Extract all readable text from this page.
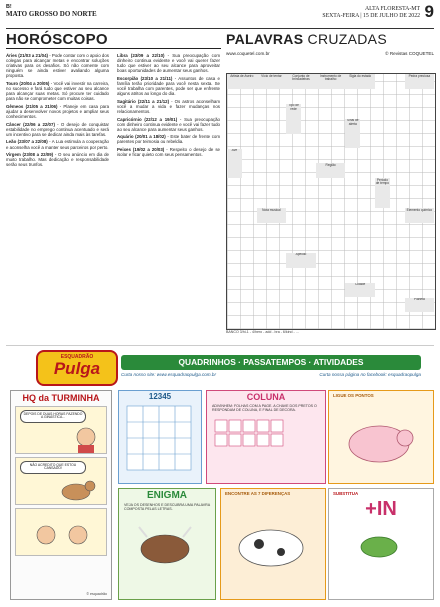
B!
MATO GROSSO DO NORTE
ALTA FLORESTA-MT
SEXTA-FEIRA | 15 DE JULHO DE 2022 9
HORÓSCOPO

Áries (21/03 a 21/04) - Pode contar com o apoio dos colegas para alcançar metas e encontrar soluções criativas para os desafios. Só não comente com ninguém se ainda estiver avaliando alguma proposta.

Touro (20/04 a 20/05) - Você vai investir na carreira, no sucesso e fará tudo que estiver ao seu alcance para alcançar suas metas. Só procure ter cuidado para não se comprometer com muitas coisas.

Gêmeos (21/05 a 21/06) - Planeje em casa para ajudar a desenvolver novos projetos e ampliar seus conhecimentos.

Câncer (22/06 a 22/07) - O desejo de conquistar estabilidade no emprego continua acentuado e será um incentivo para se dedicar ainda mais às tarefas.

Leão (23/07 a 22/08) - A Lua estimula a cooperação e aconselha você a manter seus parceiros por perto.

Virgem (23/08 a 22/09) - O seu anúncio em dia de muito trabalho. Mas dedicação e responsabilidade serão seus trunfos.

Libra (23/09 a 22/10) - Sua preocupação com dinheiro continua evidente e você vai querer fazer tudo que estiver ao seu alcance para aproveitar boas oportunidades de aumentar seus ganhos.

Escorpião (23/10 a 21/11) - Assuntos de casa e família terão prioridade para você nesta sexta. Se você trabalha com parentes, pode ser que enfrente alguns atritos ao longo do dia.

Sagitário (22/11 a 21/12) - Os astros aconselham você a mudar a vida e fazer mudanças nos relacionamentos.

Capricórnio (22/12 a 19/01) - Sua preocupação com dinheiro continua evidente e você vai fazer tudo ao seu alcance para aumentar seus ganhos.

Aquário (20/01 a 18/02) - Este bater de frente com parentes por teimosia ou rebeldia.

Peixes (19/02 a 20/03) - Respeito o desejo de se isolar e ficar quieto com seus pensamentos.

PALAVRAS CRUZADAS
www.coquetel.com.br	© Revistas COQUETEL
Artista de Aveiro	Vício de tentar	Conjunto de brincadeiras
Instrumento de trabalho
Sigla do estado	Pedra preciosa
Tipo de rede
Sinal de alerta
Ave
Região
Período de tempo
Nota musical	Elemento químico
Apelido
Cidade
Planeta
BANCO 3/hi-1 - 4/hero - add - bra - 6/kind - ...
ESQUADRÃO
Pulga	QUADRINHOS · PASSATEMPOS · ATIVIDADES
Curta nosso site: www.esquadraopulga.com.br	Curta nossa página no facebook: esquadraopulga
HQ da TURMINHA
DEPOIS DE DUAS HORAS FAZENDO A GINÁSTICA...
NÃO ACREDITO QUE ESTOU CANSADO!
© esquadrão
12345	COLUNA
ADIVINHEM: FOLHAS COM A PAGE. A CHAVE DOS PRETOS O RESPONDAM DE COLUNA, E FINAL DE DECORA.
LIGUE OS PONTOS
ENIGMA
VEJA OS DESENHOS E DESCUBRA UMA PALAVRA COMPOSTA PELAS LETRAS.
ENCONTRE AS 7 DIFERENÇAS	SUBSTITUA
+IN
